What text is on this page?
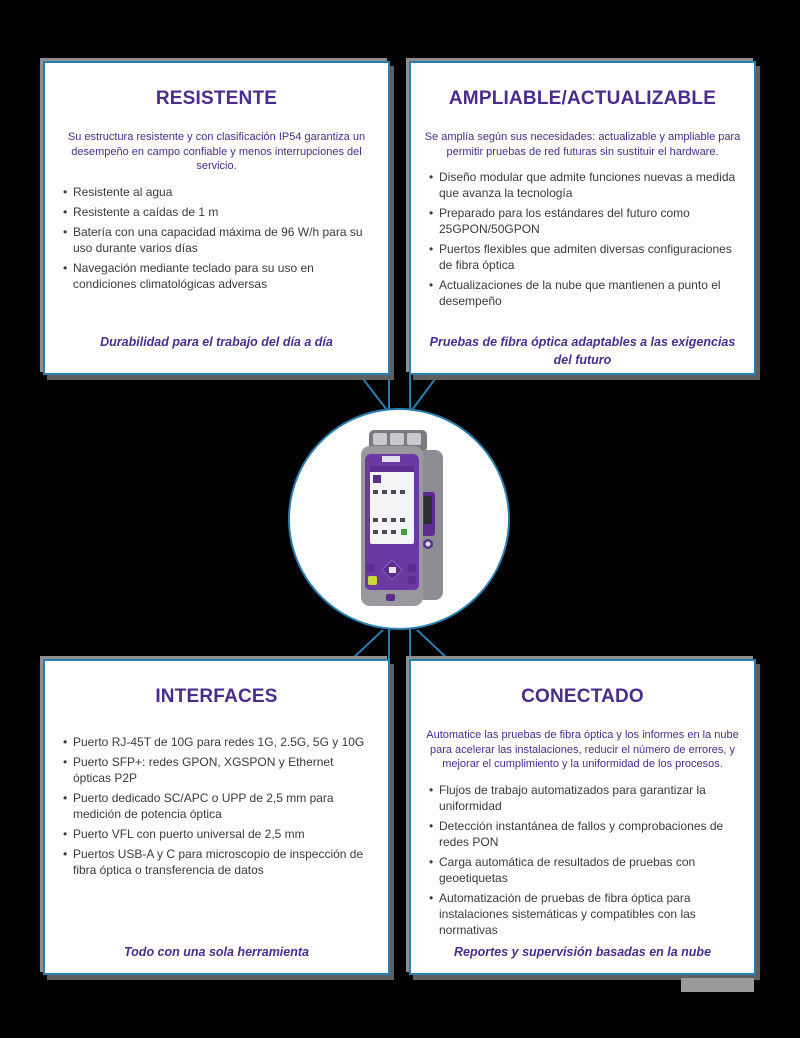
RESISTENTE
Su estructura resistente y con clasificación IP54 garantiza un desempeño en campo confiable y menos interrupciones del servicio.
• Resistente al agua
• Resistente a caídas de 1 m
• Batería con una capacidad máxima de 96 W/h para su uso durante varios días
• Navegación mediante teclado para su uso en condiciones climatológicas adversas
Durabilidad para el trabajo del día a día
AMPLIABLE/ACTUALIZABLE
Se amplía según sus necesidades: actualizable y ampliable para permitir pruebas de red futuras sin sustituir el hardware.
• Diseño modular que admite funciones nuevas a medida que avanza la tecnología
• Preparado para los estándares del futuro como 25GPON/50GPON
• Puertos flexibles que admiten diversas configuraciones de fibra óptica
• Actualizaciones de la nube que mantienen a punto el desempeño
Pruebas de fibra óptica adaptables a las exigencias del futuro
INTERFACES
• Puerto RJ-45T de 10G para redes 1G, 2.5G, 5G y 10G
• Puerto SFP+: redes GPON, XGSPON y Ethernet ópticas P2P
• Puerto dedicado SC/APC o UPP de 2,5 mm para medición de potencia óptica
• Puerto VFL con puerto universal de 2,5 mm
• Puertos USB-A y C para microscopio de inspección de fibra óptica o transferencia de datos
Todo con una sola herramienta
CONECTADO
Automatice las pruebas de fibra óptica y los informes en la nube para acelerar las instalaciones, reducir el número de errores, y mejorar el cumplimiento y la uniformidad de los procesos.
• Flujos de trabajo automatizados para garantizar la uniformidad
• Detección instantánea de fallos y comprobaciones de redes PON
• Carga automática de resultados de pruebas con geoetiquetas
• Automatización de pruebas de fibra óptica para instalaciones sistemáticas y compatibles con las normativas
Reportes y supervisión basadas en la nube
